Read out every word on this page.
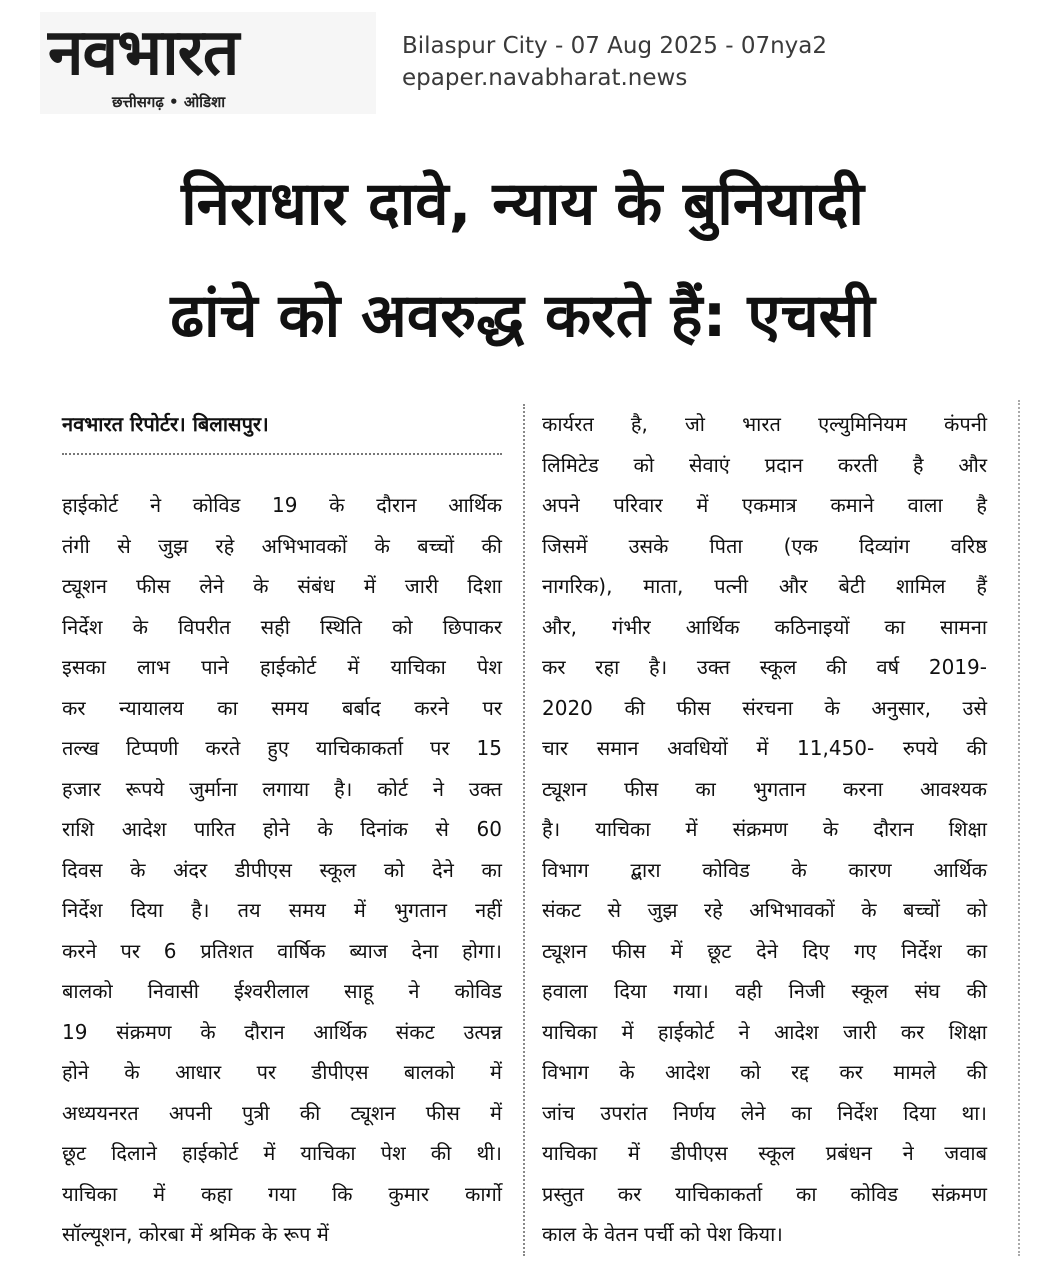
नवभारत
छत्तीसगढ़ • ओडिशा
Bilaspur City - 07 Aug 2025 - 07nya2
epaper.navabharat.news
निराधार दावे, न्याय के बुनियादी
ढांचे को अवरुद्ध करते हैं: एचसी
नवभारत रिपोर्टर। बिलासपुर।
हाईकोर्ट ने कोविड 19 के दौरान आर्थिक
तंगी से जुझ रहे अभिभावकों के बच्चों की
ट्यूशन फीस लेने के संबंध में जारी दिशा
निर्देश के विपरीत सही स्थिति को छिपाकर
इसका लाभ पाने हाईकोर्ट में याचिका पेश
कर न्यायालय का समय बर्बाद करने पर
तल्ख टिप्पणी करते हुए याचिकाकर्ता पर 15
हजार रूपये जुर्माना लगाया है। कोर्ट ने उक्त
राशि आदेश पारित होने के दिनांक से 60
दिवस के अंदर डीपीएस स्कूल को देने का
निर्देश दिया है। तय समय में भुगतान नहीं
करने पर 6 प्रतिशत वार्षिक ब्याज देना होगा।
बालको निवासी ईश्वरीलाल साहू ने कोविड
19 संक्रमण के दौरान आर्थिक संकट उत्पन्न
होने के आधार पर डीपीएस बालको में
अध्ययनरत अपनी पुत्री की ट्यूशन फीस में
छूट दिलाने हाईकोर्ट में याचिका पेश की थी।
याचिका में कहा गया कि कुमार कार्गो
सॉल्यूशन, कोरबा में श्रमिक के रूप में
कार्यरत है, जो भारत एल्युमिनियम कंपनी
लिमिटेड को सेवाएं प्रदान करती है और
अपने परिवार में एकमात्र कमाने वाला है
जिसमें उसके पिता (एक दिव्यांग वरिष्ठ
नागरिक), माता, पत्नी और बेटी शामिल हैं
और, गंभीर आर्थिक कठिनाइयों का सामना
कर रहा है। उक्त स्कूल की वर्ष 2019-
2020 की फीस संरचना के अनुसार, उसे
चार समान अवधियों में 11,450- रुपये की
ट्यूशन फीस का भुगतान करना आवश्यक
है। याचिका में संक्रमण के दौरान शिक्षा
विभाग द्बारा कोविड के कारण आर्थिक
संकट से जुझ रहे अभिभावकों के बच्चों को
ट्यूशन फीस में छूट देने दिए गए निर्देश का
हवाला दिया गया। वही निजी स्कूल संघ की
याचिका में हाईकोर्ट ने आदेश जारी कर शिक्षा
विभाग के आदेश को रद्द कर मामले की
जांच उपरांत निर्णय लेने का निर्देश दिया था।
याचिका में डीपीएस स्कूल प्रबंधन ने जवाब
प्रस्तुत कर याचिकाकर्ता का कोविड संक्रमण
काल के वेतन पर्ची को पेश किया।
